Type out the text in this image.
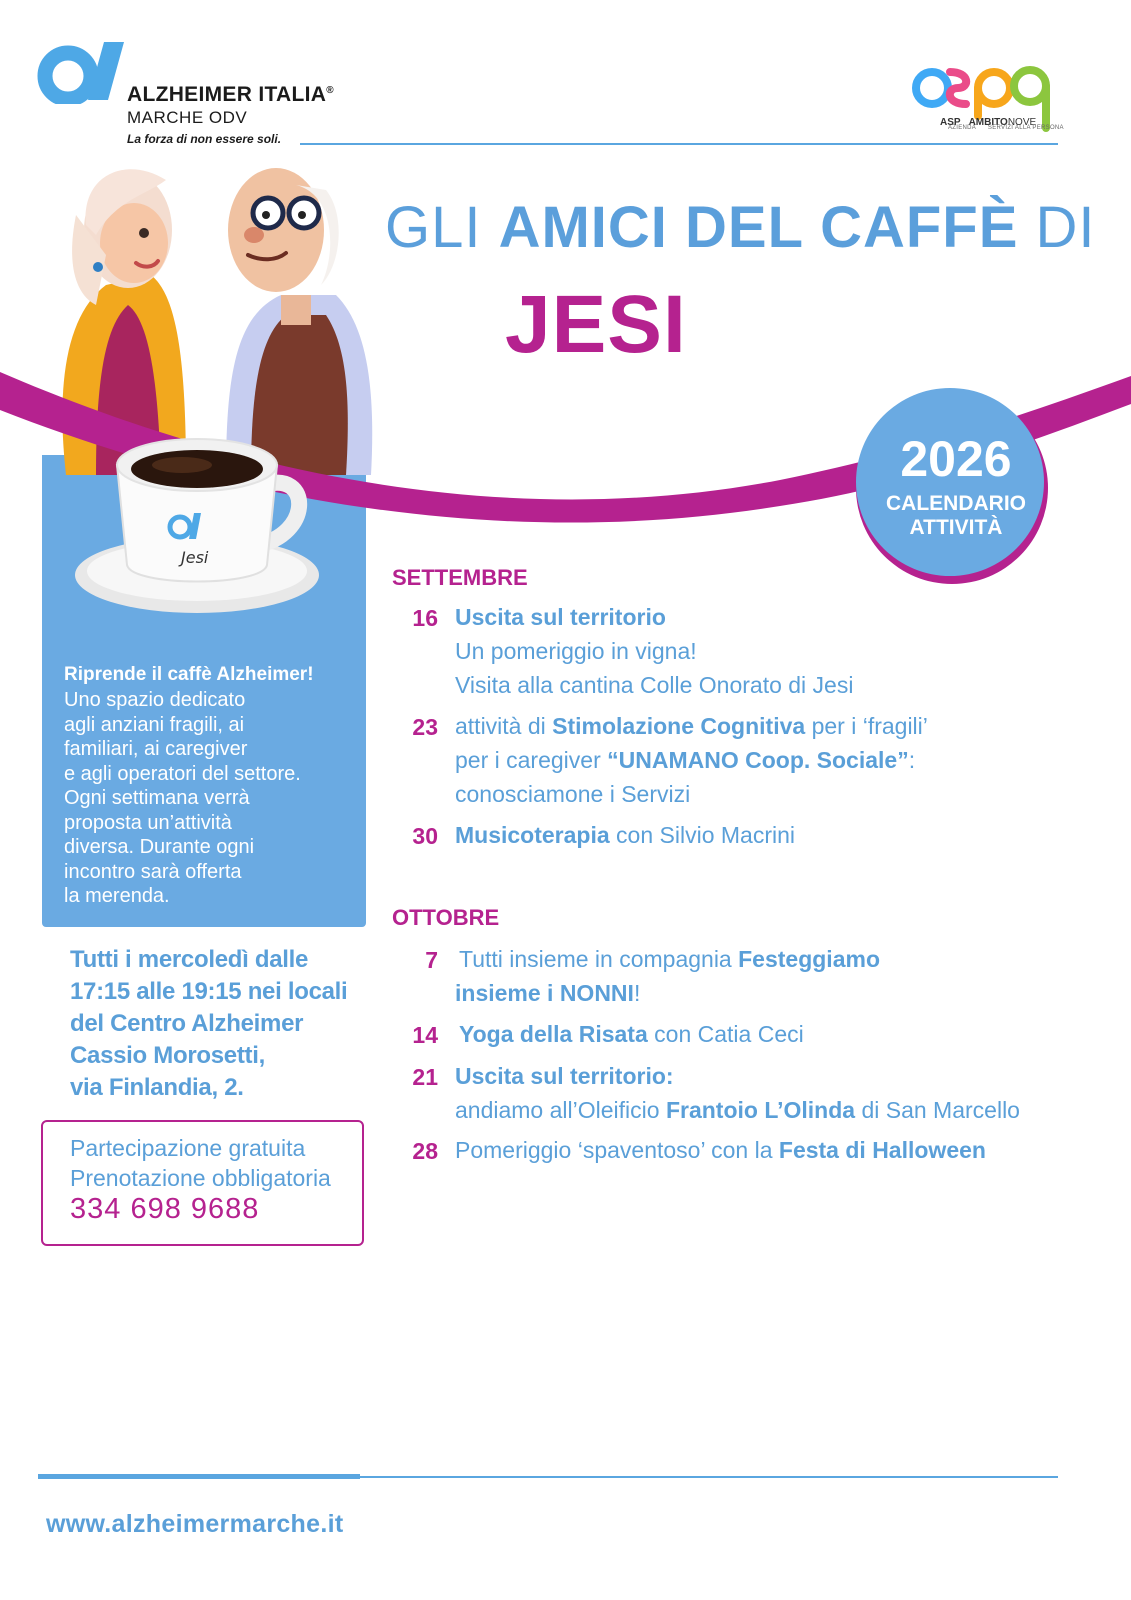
ALZHEIMER ITALIA®
MARCHE ODV
La forza di non essere soli.
ASP AMBITONOVE
AZIENDA SERVIZI ALLA PERSONA
GLI AMICI DEL CAFFÈ DI
JESI
Jesi
2026
CALENDARIO
ATTIVITÀ
Riprende il caffè Alzheimer!
Uno spazio dedicato
agli anziani fragili, ai
familiari, ai caregiver
e agli operatori del settore.
Ogni settimana verrà
proposta un’attività
diversa. Durante ogni
incontro sarà offerta
la merenda.
Tutti i mercoledì dalle
17:15 alle 19:15 nei locali
del Centro Alzheimer
Cassio Morosetti,
via Finlandia, 2.
Partecipazione gratuita
Prenotazione obbligatoria
334 698 9688
SETTEMBRE
16 Uscita sul territorio
Un pomeriggio in vigna!
Visita alla cantina Colle Onorato di Jesi
23 attività di Stimolazione Cognitiva per i ‘fragili’
per i caregiver “UNAMANO Coop. Sociale”:
conosciamone i Servizi
30 Musicoterapia con Silvio Macrini
OTTOBRE
7 Tutti insieme in compagnia Festeggiamo
insieme i NONNI!
14 Yoga della Risata con Catia Ceci
21 Uscita sul territorio:
andiamo all’Oleificio Frantoio L’Olinda di San Marcello
28 Pomeriggio ‘spaventoso’ con la Festa di Halloween
www.alzheimermarche.it
